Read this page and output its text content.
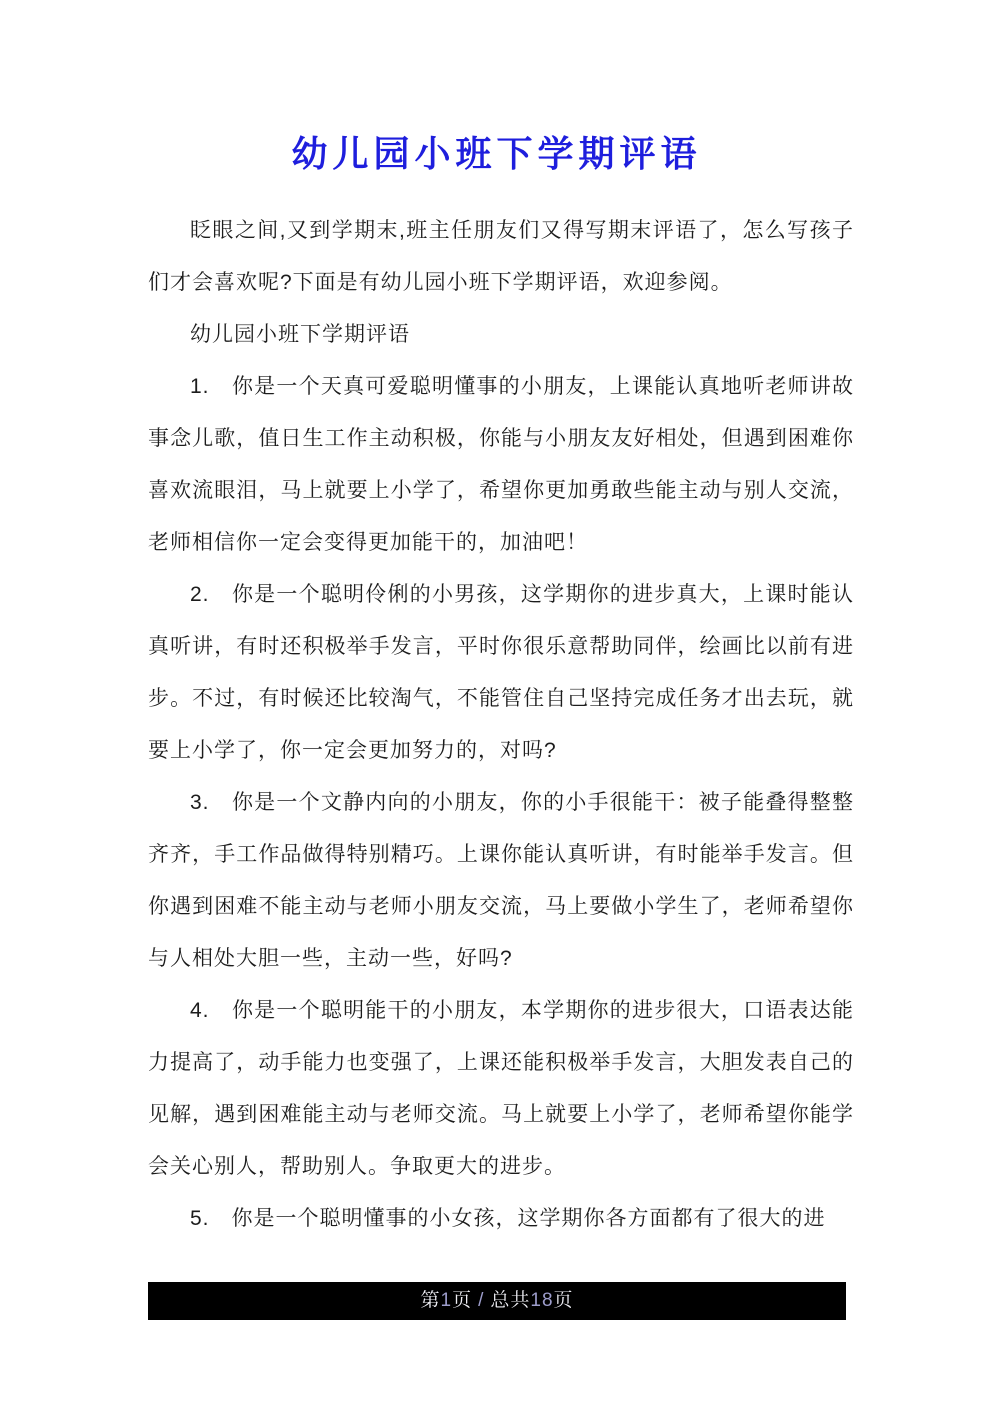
幼儿园小班下学期评语

眨眼之间,又到学期末,班主任朋友们又得写期末评语了，怎么写孩子们才会喜欢呢?下面是有幼儿园小班下学期评语，欢迎参阅。

幼儿园小班下学期评语

1.　你是一个天真可爱聪明懂事的小朋友，上课能认真地听老师讲故事念儿歌，值日生工作主动积极，你能与小朋友友好相处，但遇到困难你喜欢流眼泪，马上就要上小学了，希望你更加勇敢些能主动与别人交流，老师相信你一定会变得更加能干的，加油吧！

2.　你是一个聪明伶俐的小男孩，这学期你的进步真大，上课时能认真听讲，有时还积极举手发言，平时你很乐意帮助同伴，绘画比以前有进步。不过，有时候还比较淘气，不能管住自己坚持完成任务才出去玩，就要上小学了，你一定会更加努力的，对吗?

3.　你是一个文静内向的小朋友，你的小手很能干：被子能叠得整整齐齐，手工作品做得特别精巧。上课你能认真听讲，有时能举手发言。但你遇到困难不能主动与老师小朋友交流，马上要做小学生了，老师希望你与人相处大胆一些，主动一些，好吗?

4.　你是一个聪明能干的小朋友，本学期你的进步很大，口语表达能力提高了，动手能力也变强了，上课还能积极举手发言，大胆发表自己的见解，遇到困难能主动与老师交流。马上就要上小学了，老师希望你能学会关心别人，帮助别人。争取更大的进步。

5.　你是一个聪明懂事的小女孩，这学期你各方面都有了很大的进

第1页 / 总共18页
